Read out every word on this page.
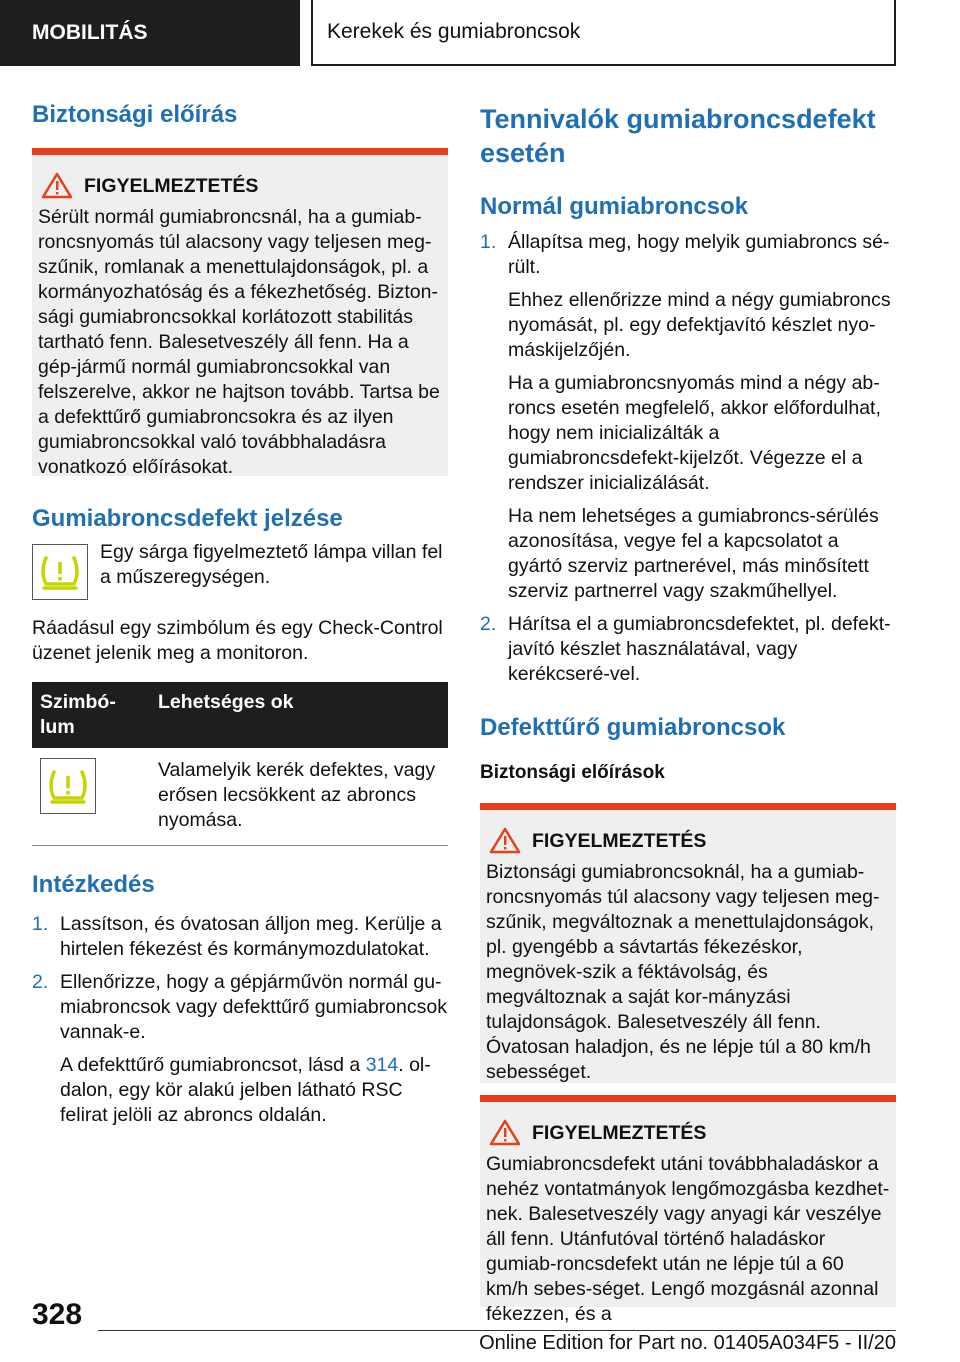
MOBILITÁS	Kerekek és gumiabroncsok
Biztonsági előírás
FIGYELMEZTETÉS
Sérült normál gumiabroncsnál, ha a gumiab‐roncsnyomás túl alacsony vagy teljesen meg‐szűnik, romlanak a menettulajdonságok, pl. a kormányozhatóság és a fékezhetőség. Bizton‐sági gumiabroncsokkal korlátozott stabilitás tartható fenn. Balesetveszély áll fenn. Ha a gép‐jármű normál gumiabroncsokkal van felszerelve, akkor ne hajtson tovább. Tartsa be a defekttűrő gumiabroncsokra és az ilyen gumiabroncsokkal való továbbhaladásra vonatkozó előírásokat.
Gumiabroncsdefekt jelzése
Egy sárga figyelmeztető lámpa villan fel a műszeregységen.

Ráadásul egy szimbólum és egy Check-Control üzenet jelenik meg a monitoron.

Szimbó‐lum	Lehetséges ok

	Valamelyik kerék defektes, vagy erősen lecsökkent az abroncs nyomása.
Intézkedés
1. Lassítson, és óvatosan álljon meg. Kerülje a hirtelen fékezést és kormánymozdulatokat.
2. Ellenőrizze, hogy a gépjárművön normál gu‐miabroncsok vagy defekttűrő gumiabroncsok vannak-e.
A defekttűrő gumiabroncsot, lásd a 314. ol‐dalon, egy kör alakú jelben látható RSC felirat jelöli az abroncs oldalán.
Tennivalók gumiabroncsdefekt esetén
Normál gumiabroncsok
1. Állapítsa meg, hogy melyik gumiabroncs sé‐rült.
Ehhez ellenőrizze mind a négy gumiabroncs nyomását, pl. egy defektjavító készlet nyo‐máskijelzőjén.
Ha a gumiabroncsnyomás mind a négy ab‐roncs esetén megfelelő, akkor előfordulhat, hogy nem inicializálták a gumiabroncsdefekt‐kijelzőt. Végezze el a rendszer inicializálását.
Ha nem lehetséges a gumiabroncs-sérülés azonosítása, vegye fel a kapcsolatot a gyártó szerviz partnerével, más minősített szerviz partnerrel vagy szakműhellyel.
2. Hárítsa el a gumiabroncsdefektet, pl. defekt‐javító készlet használatával, vagy kerékcseré‐vel.
Defekttűrő gumiabroncsok
Biztonsági előírások
FIGYELMEZTETÉS
Biztonsági gumiabroncsoknál, ha a gumiab‐roncsnyomás túl alacsony vagy teljesen meg‐szűnik, megváltoznak a menettulajdonságok, pl. gyengébb a sávtartás fékezéskor, megnövek‐szik a féktávolság, és megváltoznak a saját kor‐mányzási tulajdonságok. Balesetveszély áll fenn. Óvatosan haladjon, és ne lépje túl a 80 km/h sebességet.
FIGYELMEZTETÉS
Gumiabroncsdefekt utáni továbbhaladáskor a nehéz vontatmányok lengőmozgásba kezdhet‐nek. Balesetveszély vagy anyagi kár veszélye áll fenn. Utánfutóval történő haladáskor gumiab‐roncsdefekt után ne lépje túl a 60 km/h sebes‐séget. Lengő mozgásnál azonnal fékezzen, és a
328
Online Edition for Part no. 01405A034F5 - II/20
